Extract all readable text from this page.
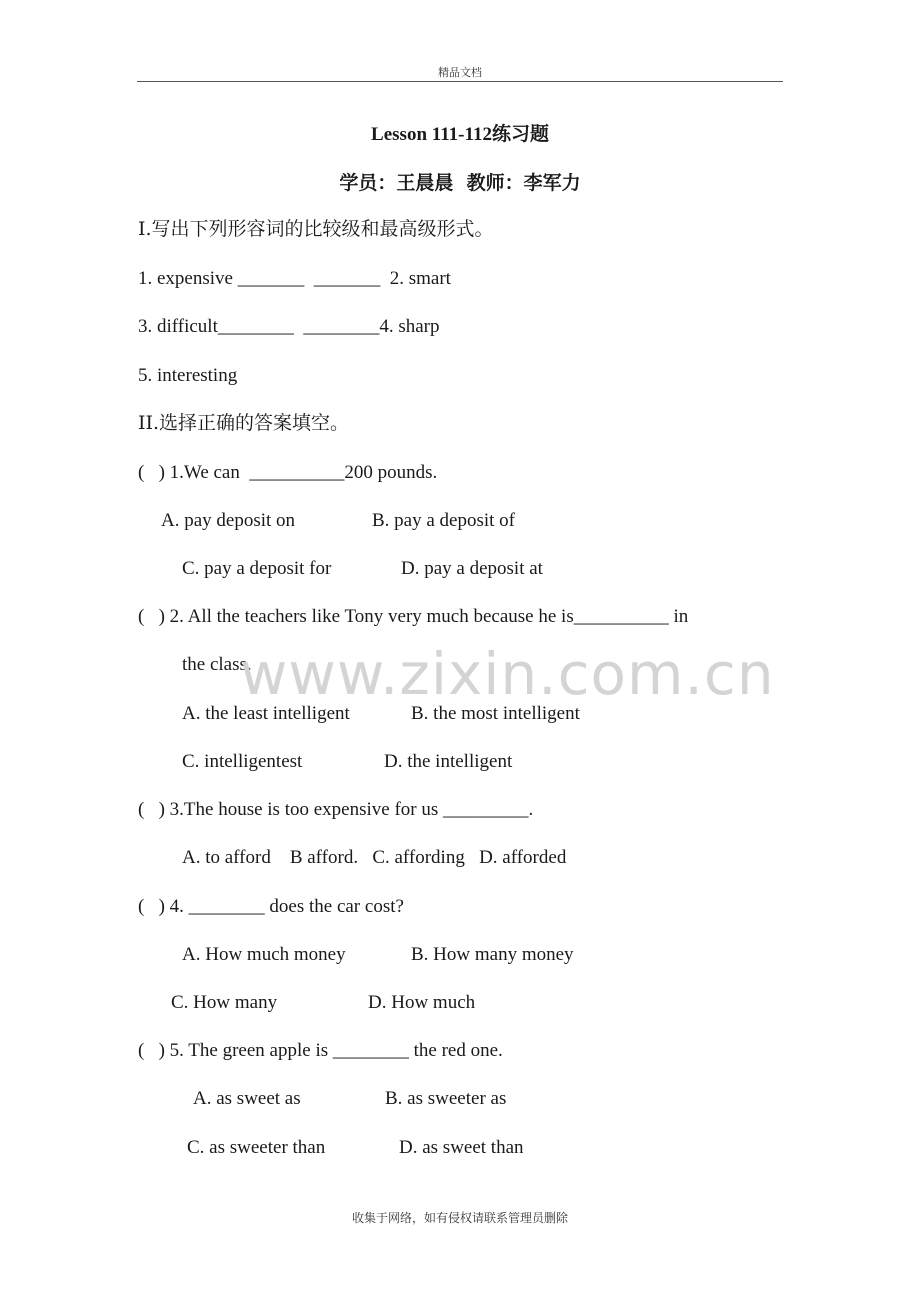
精品文档
Lesson 111-112练习题
学员：王晨晨  教师：李军力
I.写出下列形容词的比较级和最高级形式。
1. expensive _______  _______  2. smart
3. difficult________  ________4. sharp
5. interesting
II.选择正确的答案填空。
(   ) 1.We can  __________200 pounds.
A. pay deposit on	B. pay a deposit of
C. pay a deposit for	D. pay a deposit at
(   ) 2. All the teachers like Tony very much because he is__________ in
the class.
A. the least intelligent	B. the most intelligent
C. intelligentest	D. the intelligent
(   ) 3.The house is too expensive for us _________.
A. to afford    B afford.   C. affording   D. afforded
(   ) 4. ________ does the car cost?
A. How much money	B. How many money
C. How many	D. How much
(   ) 5. The green apple is ________ the red one.
A. as sweet as	B. as sweeter as
C. as sweeter than	D. as sweet than
www.zixin.com.cn
收集于网络，如有侵权请联系管理员删除
